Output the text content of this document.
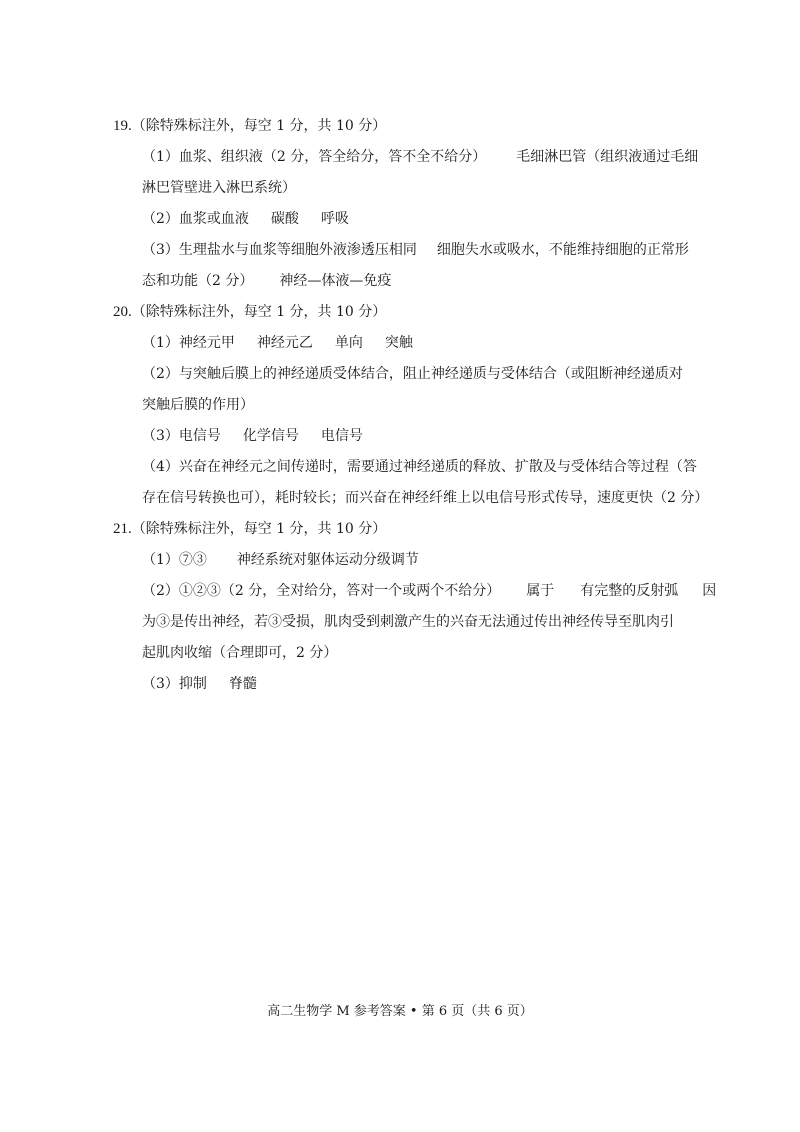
19.（除特殊标注外，每空 1 分，共 10 分）
（1）血浆、组织液（2 分，答全给分，答不全不给分） 毛细淋巴管（组织液通过毛细
淋巴管壁进入淋巴系统）
（2）血浆或血液 碳酸 呼吸
（3）生理盐水与血浆等细胞外液渗透压相同 细胞失水或吸水，不能维持细胞的正常形
态和功能（2 分） 神经—体液—免疫
20.（除特殊标注外，每空 1 分，共 10 分）
（1）神经元甲 神经元乙 单向 突触
（2）与突触后膜上的神经递质受体结合，阻止神经递质与受体结合（或阻断神经递质对
突触后膜的作用）
（3）电信号 化学信号 电信号
（4）兴奋在神经元之间传递时，需要通过神经递质的释放、扩散及与受体结合等过程（答
存在信号转换也可），耗时较长；而兴奋在神经纤维上以电信号形式传导，速度更快（2 分）
21.（除特殊标注外，每空 1 分，共 10 分）
（1）⑦③ 神经系统对躯体运动分级调节
（2）①②③（2 分，全对给分，答对一个或两个不给分） 属于 有完整的反射弧 因
为③是传出神经，若③受损，肌肉受到刺激产生的兴奋无法通过传出神经传导至肌肉引
起肌肉收缩（合理即可，2 分）
（3）抑制 脊髓
高二生物学 M 参考答案 • 第 6 页（共 6 页）
